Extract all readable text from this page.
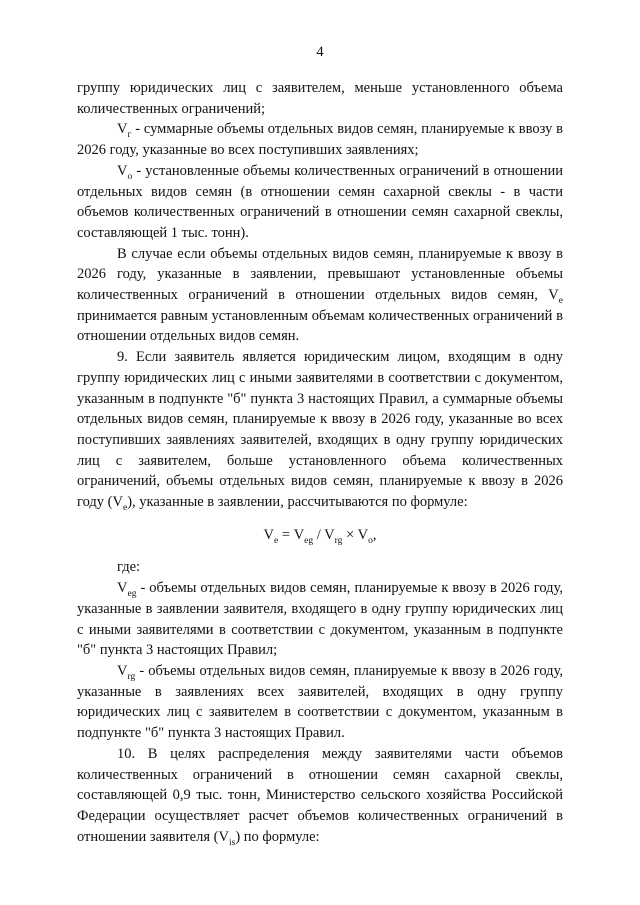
4

группу юридических лиц с заявителем, меньше установленного объема количественных ограничений;

$V_г$ - суммарные объемы отдельных видов семян, планируемые к ввозу в 2026 году, указанные во всех поступивших заявлениях;

$V_о$ - установленные объемы количественных ограничений в отношении отдельных видов семян (в отношении семян сахарной свеклы - в части объемов количественных ограничений в отношении семян сахарной свеклы, составляющей 1 тыс. тонн).

В случае если объемы отдельных видов семян, планируемые к ввозу в 2026 году, указанные в заявлении, превышают установленные объемы количественных ограничений в отношении отдельных видов семян, $V_е$ принимается равным установленным объемам количественных ограничений в отношении отдельных видов семян.

9. Если заявитель является юридическим лицом, входящим в одну группу юридических лиц с иными заявителями в соответствии с документом, указанным в подпункте "б" пункта 3 настоящих Правил, а суммарные объемы отдельных видов семян, планируемые к ввозу в 2026 году, указанные во всех поступивших заявлениях заявителей, входящих в одну группу юридических лиц с заявителем, больше установленного объема количественных ограничений, объемы отдельных видов семян, планируемые к ввозу в 2026 году $(V_е)$, указанные в заявлении, рассчитываются по формуле:

$V_е = V_{eg} / V_{rg} \times V_о$,

где:

$V_{eg}$ - объемы отдельных видов семян, планируемые к ввозу в 2026 году, указанные в заявлении заявителя, входящего в одну группу юридических лиц с иными заявителями в соответствии с документом, указанным в подпункте "б" пункта 3 настоящих Правил;

$V_{rg}$ - объемы отдельных видов семян, планируемые к ввозу в 2026 году, указанные в заявлениях всех заявителей, входящих в одну группу юридических лиц с заявителем в соответствии с документом, указанным в подпункте "б" пункта 3 настоящих Правил.

10. В целях распределения между заявителями части объемов количественных ограничений в отношении семян сахарной свеклы, составляющей 0,9 тыс. тонн, Министерство сельского хозяйства Российской Федерации осуществляет расчет объемов количественных ограничений в отношении заявителя $(V_{is})$ по формуле:
